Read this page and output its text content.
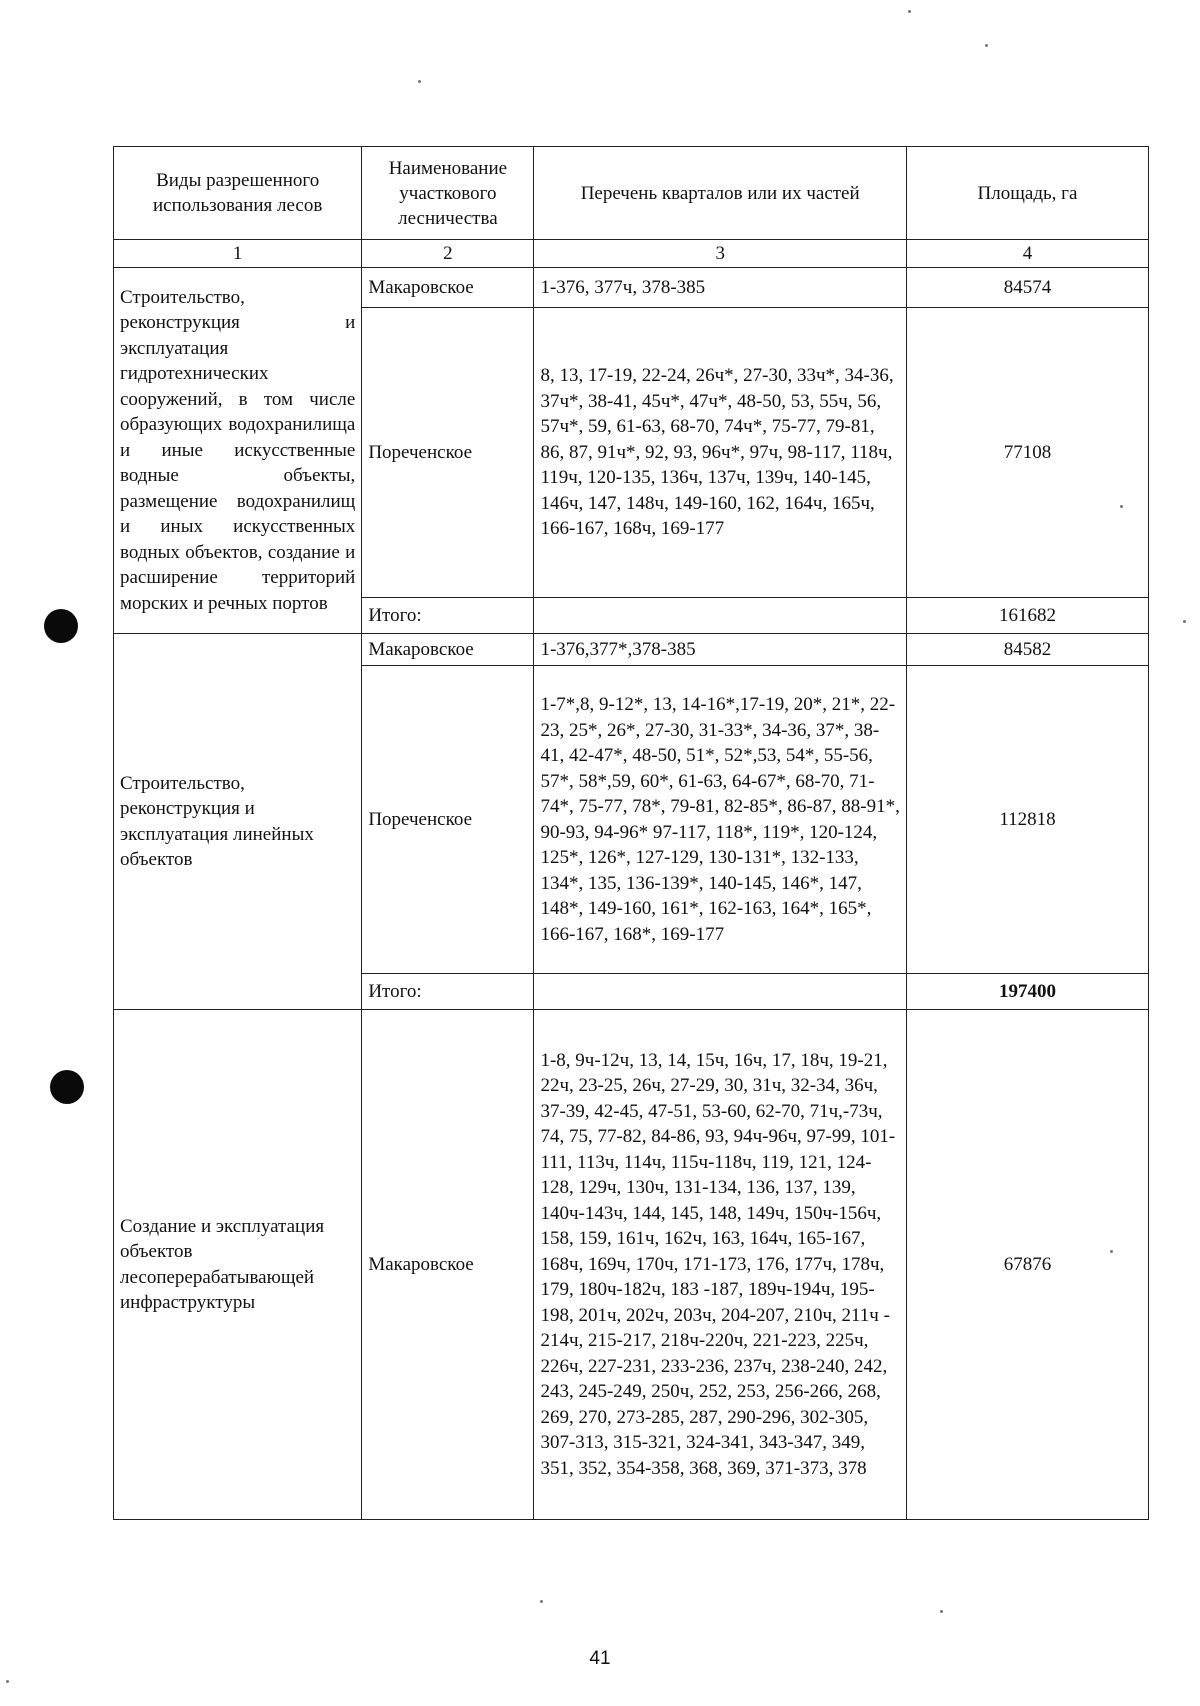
Виды разрешенного использования лесов	Наименование участкового лесничества	Перечень кварталов или их частей	Площадь, га
1	2	3	4
Строительство, реконструкция и эксплуатация гидротехнических сооружений, в том числе образующих водохранилища и иные искусственные водные объекты, размещение водохранилищ и иных искусственных водных объектов, создание и расширение территорий морских и речных портов	Макаровское	1-376, 377ч, 378-385	84574
	Пореченское	8, 13, 17-19, 22-24, 26ч*, 27-30, 33ч*, 34-36, 37ч*, 38-41, 45ч*, 47ч*, 48-50, 53, 55ч, 56, 57ч*, 59, 61-63, 68-70, 74ч*, 75-77, 79-81, 86, 87, 91ч*, 92, 93, 96ч*, 97ч, 98-117, 118ч, 119ч, 120-135, 136ч, 137ч, 139ч, 140-145, 146ч, 147, 148ч, 149-160, 162, 164ч, 165ч, 166-167, 168ч, 169-177	77108
	Итого:		161682
Строительство, реконструкция и эксплуатация линейных объектов	Макаровское	1-376,377*,378-385	84582
	Пореченское	1-7*,8, 9-12*, 13, 14-16*,17-19, 20*, 21*, 22-23, 25*, 26*, 27-30, 31-33*, 34-36, 37*, 38-41, 42-47*, 48-50, 51*, 52*,53, 54*, 55-56, 57*, 58*,59, 60*, 61-63, 64-67*, 68-70, 71-74*, 75-77, 78*, 79-81, 82-85*, 86-87, 88-91*, 90-93, 94-96* 97-117, 118*, 119*, 120-124, 125*, 126*, 127-129, 130-131*, 132-133, 134*, 135, 136-139*, 140-145, 146*, 147, 148*, 149-160, 161*, 162-163, 164*, 165*, 166-167, 168*, 169-177	112818
	Итого:		197400
Создание и эксплуатация объектов лесоперерабатывающей инфраструктуры	Макаровское	1-8, 9ч-12ч, 13, 14, 15ч, 16ч, 17, 18ч, 19-21, 22ч, 23-25, 26ч, 27-29, 30, 31ч, 32-34, 36ч, 37-39, 42-45, 47-51, 53-60, 62-70, 71ч,-73ч, 74, 75, 77-82, 84-86, 93, 94ч-96ч, 97-99, 101-111, 113ч, 114ч, 115ч-118ч, 119, 121, 124-128, 129ч, 130ч, 131-134, 136, 137, 139, 140ч-143ч, 144, 145, 148, 149ч, 150ч-156ч, 158, 159, 161ч, 162ч, 163, 164ч, 165-167, 168ч, 169ч, 170ч, 171-173, 176, 177ч, 178ч, 179, 180ч-182ч, 183 -187, 189ч-194ч, 195-198, 201ч, 202ч, 203ч, 204-207, 210ч, 211ч - 214ч, 215-217, 218ч-220ч, 221-223, 225ч, 226ч, 227-231, 233-236, 237ч, 238-240, 242, 243, 245-249, 250ч, 252, 253, 256-266, 268, 269, 270, 273-285, 287, 290-296, 302-305, 307-313, 315-321, 324-341, 343-347, 349, 351, 352, 354-358, 368, 369, 371-373, 378	67876
41
